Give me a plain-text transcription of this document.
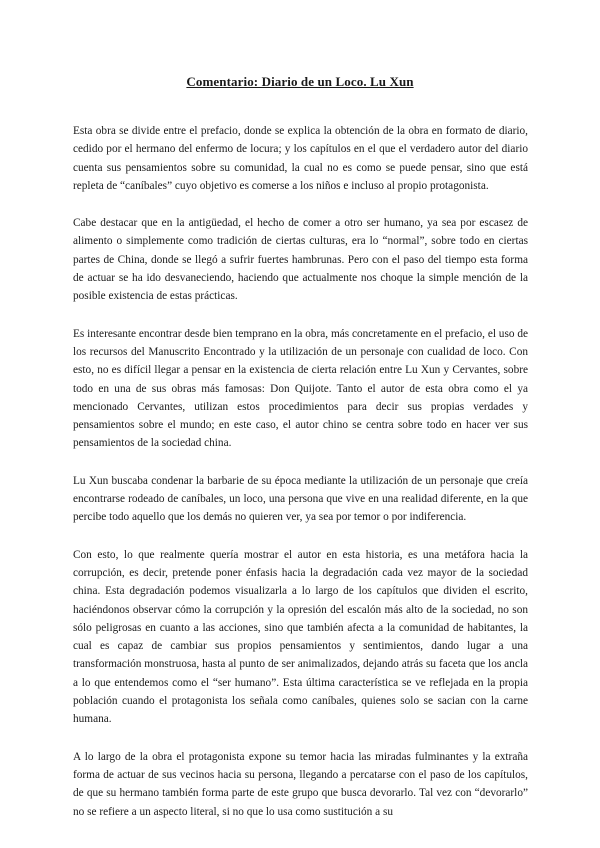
Comentario: Diario de un Loco. Lu Xun

Esta obra se divide entre el prefacio, donde se explica la obtención de la obra en formato de diario, cedido por el hermano del enfermo de locura; y los capítulos en el que el verdadero autor del diario cuenta sus pensamientos sobre su comunidad, la cual no es como se puede pensar, sino que está repleta de “caníbales” cuyo objetivo es comerse a los niños e incluso al propio protagonista.

Cabe destacar que en la antigüedad, el hecho de comer a otro ser humano, ya sea por escasez de alimento o simplemente como tradición de ciertas culturas, era lo “normal”, sobre todo en ciertas partes de China, donde se llegó a sufrir fuertes hambrunas. Pero con el paso del tiempo esta forma de actuar se ha ido desvaneciendo, haciendo que actualmente nos choque la simple mención de la posible existencia de estas prácticas.

Es interesante encontrar desde bien temprano en la obra, más concretamente en el prefacio, el uso de los recursos del Manuscrito Encontrado y la utilización de un personaje con cualidad de loco. Con esto, no es difícil llegar a pensar en la existencia de cierta relación entre Lu Xun y Cervantes, sobre todo en una de sus obras más famosas: Don Quijote. Tanto el autor de esta obra como el ya mencionado Cervantes, utilizan estos procedimientos para decir sus propias verdades y pensamientos sobre el mundo; en este caso, el autor chino se centra sobre todo en hacer ver sus pensamientos de la sociedad china.

Lu Xun buscaba condenar la barbarie de su época mediante la utilización de un personaje que creía encontrarse rodeado de caníbales, un loco, una persona que vive en una realidad diferente, en la que percibe todo aquello que los demás no quieren ver, ya sea por temor o por indiferencia.

Con esto, lo que realmente quería mostrar el autor en esta historia, es una metáfora hacia la corrupción, es decir, pretende poner énfasis hacia la degradación cada vez mayor de la sociedad china. Esta degradación podemos visualizarla a lo largo de los capítulos que dividen el escrito, haciéndonos observar cómo la corrupción y la opresión del escalón más alto de la sociedad, no son sólo peligrosas en cuanto a las acciones, sino que también afecta a la comunidad de habitantes, la cual es capaz de cambiar sus propios pensamientos y sentimientos, dando lugar a una transformación monstruosa, hasta al punto de ser animalizados, dejando atrás su faceta que los ancla a lo que entendemos como el “ser humano”. Esta última característica se ve reflejada en la propia población cuando el protagonista los señala como caníbales, quienes solo se sacian con la carne humana.

A lo largo de la obra el protagonista expone su temor hacia las miradas fulminantes y la extraña forma de actuar de sus vecinos hacia su persona, llegando a percatarse con el paso de los capítulos, de que su hermano también forma parte de este grupo que busca devorarlo. Tal vez con “devorarlo” no se refiere a un aspecto literal, si no que lo usa como sustitución a su
